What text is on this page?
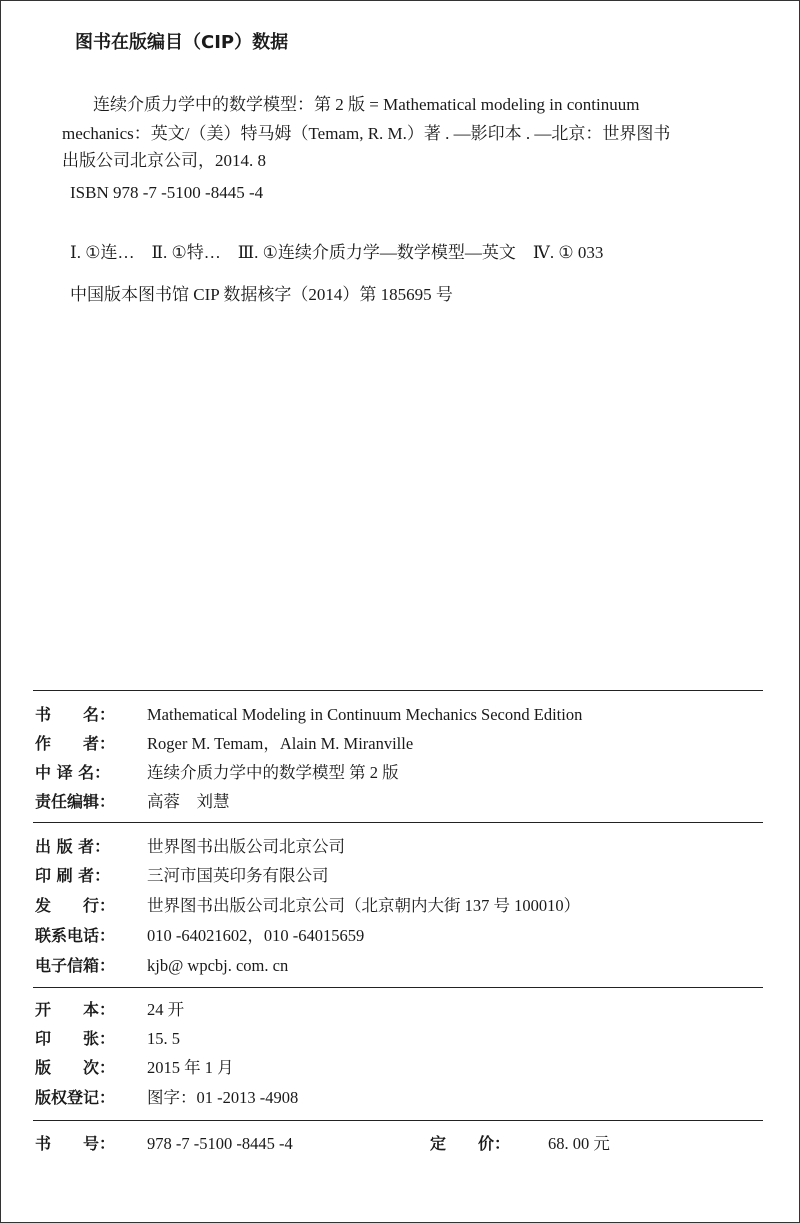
图书在版编目（CIP）数据
连续介质力学中的数学模型：第 2 版 = Mathematical modeling in continuum
mechanics：英文/（美）特马姆（Temam, R. M.）著 . —影印本 . —北京：世界图书
出版公司北京公司，2014. 8
ISBN 978 -7 -5100 -8445 -4
Ⅰ. ①连…　Ⅱ. ①特…　Ⅲ. ①连续介质力学—数学模型—英文　Ⅳ. ① 033
中国版本图书馆 CIP 数据核字（2014）第 185695 号
书　　名： Mathematical Modeling in Continuum Mechanics Second Edition
作　　者： Roger M. Temam，Alain M. Miranville
中 译 名： 连续介质力学中的数学模型 第 2 版
责任编辑： 高蓉　刘慧
出 版 者： 世界图书出版公司北京公司
印 刷 者： 三河市国英印务有限公司
发　　行： 世界图书出版公司北京公司（北京朝内大街 137 号 100010）
联系电话： 010 -64021602，010 -64015659
电子信箱： kjb@ wpcbj. com. cn
开　　本： 24 开
印　　张： 15. 5
版　　次： 2015 年 1 月
版权登记： 图字：01 -2013 -4908
书　　号： 978 -7 -5100 -8445 -4	定　　价： 68. 00 元
